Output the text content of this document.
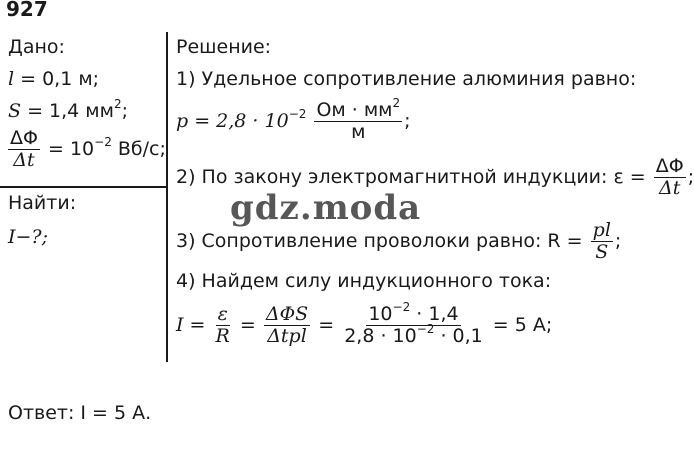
927
Дано:
l = 0,1 м;
S = 1,4 $мм^2$;
$\frac{\Delta\Phi}{\Delta t} = 10^{-2}$ Вб/с;
Найти:
I−?;
Решение:
1) Удельное сопротивление алюминия равно:
$p = 2,8 \cdot 10^{-2} \frac{Ом \cdot мм^2}{м}$ ;
2) По закону электромагнитной индукции: $\varepsilon = \frac{\Delta\Phi}{\Delta t}$ ;
3) Сопротивление проволоки равно: $R = \frac{pl}{S}$ ;
4) Найдем силу индукционного тока:
$I = \frac{\varepsilon}{R} = \frac{\text{ΔΦS}}{\text{Δtpl}} = \frac{10^{-2} \cdot 1,4}{2,8 \cdot 10^{-2} \cdot 0,1} = 5$ А;
Ответ: I = 5 А.
gdz.moda
